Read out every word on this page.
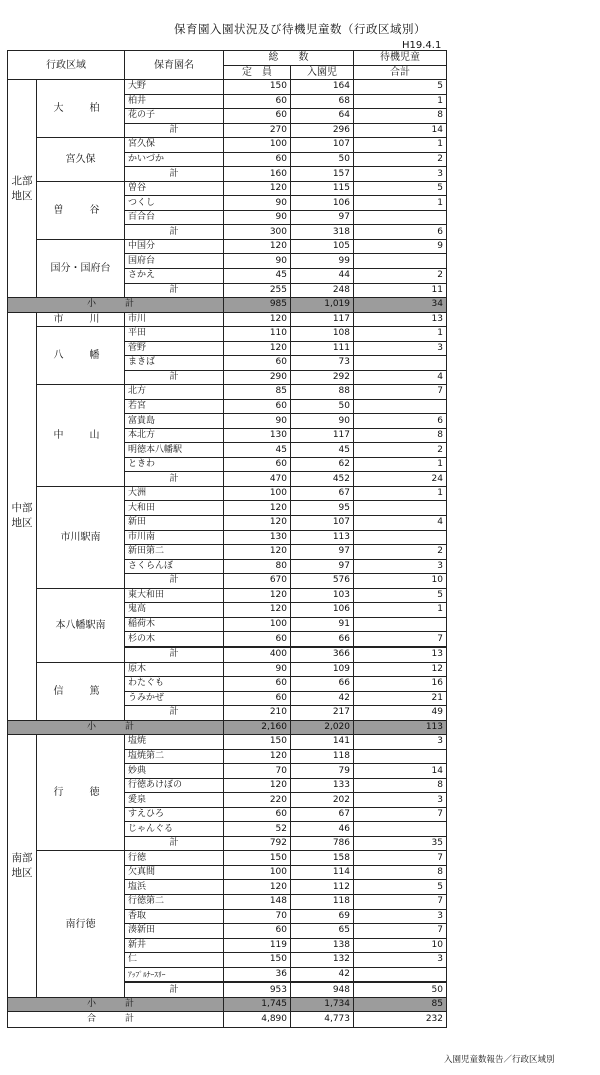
保育園入園状況及び待機児童数（行政区域別）
H19.4.1
行政区域		保育園名	総　　数		待機児童
			定　員	入園児	合計
北部地区	大　柏	大野	150	164	5
		柏井	60	68	1
		花の子	60	64	8
		計	270	296	14
	宮久保	宮久保	100	107	1
		かいづか	60	50	2
		計	160	157	3
	曽　谷	曽谷	120	115	5
		つくし	90	106	1
		百合台	90	97	
		計	300	318	6
	国分・国府台	中国分	120	105	9
		国府台	90	99	
		さかえ	45	44	2
		計	255	248	11
小　計			985	1,019	34
中部地区	市　川	市川	120	117	13
	八　幡	平田	110	108	1
		菅野	120	111	3
		まきば	60	73	
		計	290	292	4
	中　山	北方	85	88	7
		若宮	60	50	
		富貴島	90	90	6
		本北方	130	117	8
		明徳本八幡駅	45	45	2
		ときわ	60	62	1
		計	470	452	24
	市川駅南	大洲	100	67	1
		大和田	120	95	
		新田	120	107	4
		市川南	130	113	
		新田第二	120	97	2
		さくらんぼ	80	97	3
		計	670	576	10
	本八幡駅南	東大和田	120	103	5
		鬼高	120	106	1
		稲荷木	100	91	
		杉の木	60	66	7

		計	400	366	13
	信　篤	原木	90	109	12
		わたぐも	60	66	16
		うみかぜ	60	42	21
		計	210	217	49
小　計			2,160	2,020	113
南部地区	行　徳	塩焼	150	141	3
		塩焼第二	120	118	
		妙典	70	79	14
		行徳あけぼの	120	133	8
		愛泉	220	202	3
		すえひろ	60	67	7
		じゃんぐる	52	46	
		計	792	786	35
	南行徳	行徳	150	158	7
		欠真間	100	114	8
		塩浜	120	112	5
		行徳第二	148	118	7
		香取	70	69	3
		湊新田	60	65	7
		新井	119	138	10
		仁	150	132	3
		ｱｯﾌﾟﾙﾅｰｽﾘｰ	36	42	

		計	953	948	50
小　計			1,745	1,734	85
合　計			4,890	4,773	232
入園児童数報告／行政区域別
